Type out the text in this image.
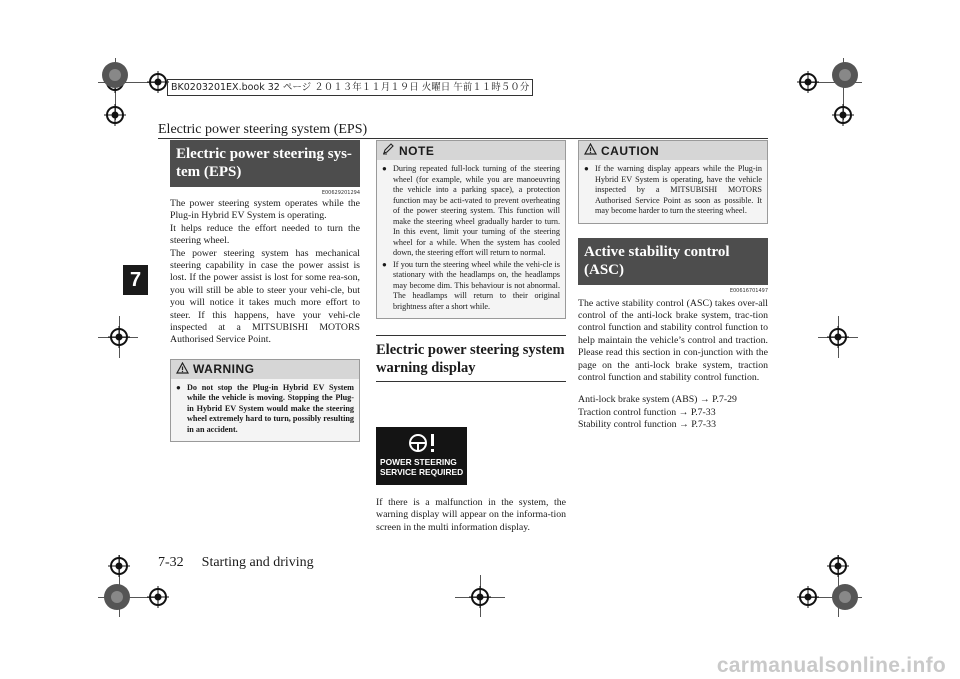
BK0203201EX.book 32 ページ ２０１３年１１月１９日 火曜日 午前１１時５０分
Electric power steering system (EPS)
7
7-32 Starting and driving
Electric power steering sys-tem (EPS)
E00629201294

The power steering system operates while the Plug-in Hybrid EV System is operating.

It helps reduce the effort needed to turn the steering wheel.

The power steering system has mechanical steering capability in case the power assist is lost. If the power assist is lost for some rea-son, you will still be able to steer your vehi-cle, but you will notice it takes much more effort to steer. If this happens, have your vehi-cle inspected at a MITSUBISHI MOTORS Authorised Service Point.

WARNING
● Do not stop the Plug-in Hybrid EV System while the vehicle is moving. Stopping the Plug-in Hybrid EV System would make the steering wheel extremely hard to turn, possibly resulting in an accident.
NOTE
● During repeated full-lock turning of the steering wheel (for example, while you are manoeuvring the vehicle into a parking space), a protection function may be acti-vated to prevent overheating of the power steering system. This function will make the steering wheel gradually harder to turn. In this event, limit your turning of the steering wheel for a while. When the system has cooled down, the steering effort will return to normal.
● If you turn the steering wheel while the vehi-cle is stationary with the headlamps on, the headlamps may become dim. This behaviour is not abnormal. The headlamps will return to their original brightness after a short while.
Electric power steering system warning display
POWER STEERING
SERVICE REQUIRED
If there is a malfunction in the system, the warning display will appear on the informa-tion screen in the multi information display.
CAUTION
● If the warning display appears while the Plug-in Hybrid EV System is operating, have the vehicle inspected by a MITSUBISHI MOTORS Authorised Service Point as soon as possible. It may become harder to turn the steering wheel.
Active stability control (ASC)
E00616701497

The active stability control (ASC) takes over-all control of the anti-lock brake system, trac-tion control function and stability control function to help maintain the vehicle’s control and traction. Please read this section in con-junction with the page on the anti-lock brake system, traction control function and stability control function.

Anti-lock brake system (ABS) → P.7-29

Traction control function → P.7-33

Stability control function → P.7-33

carmanualsonline.info
